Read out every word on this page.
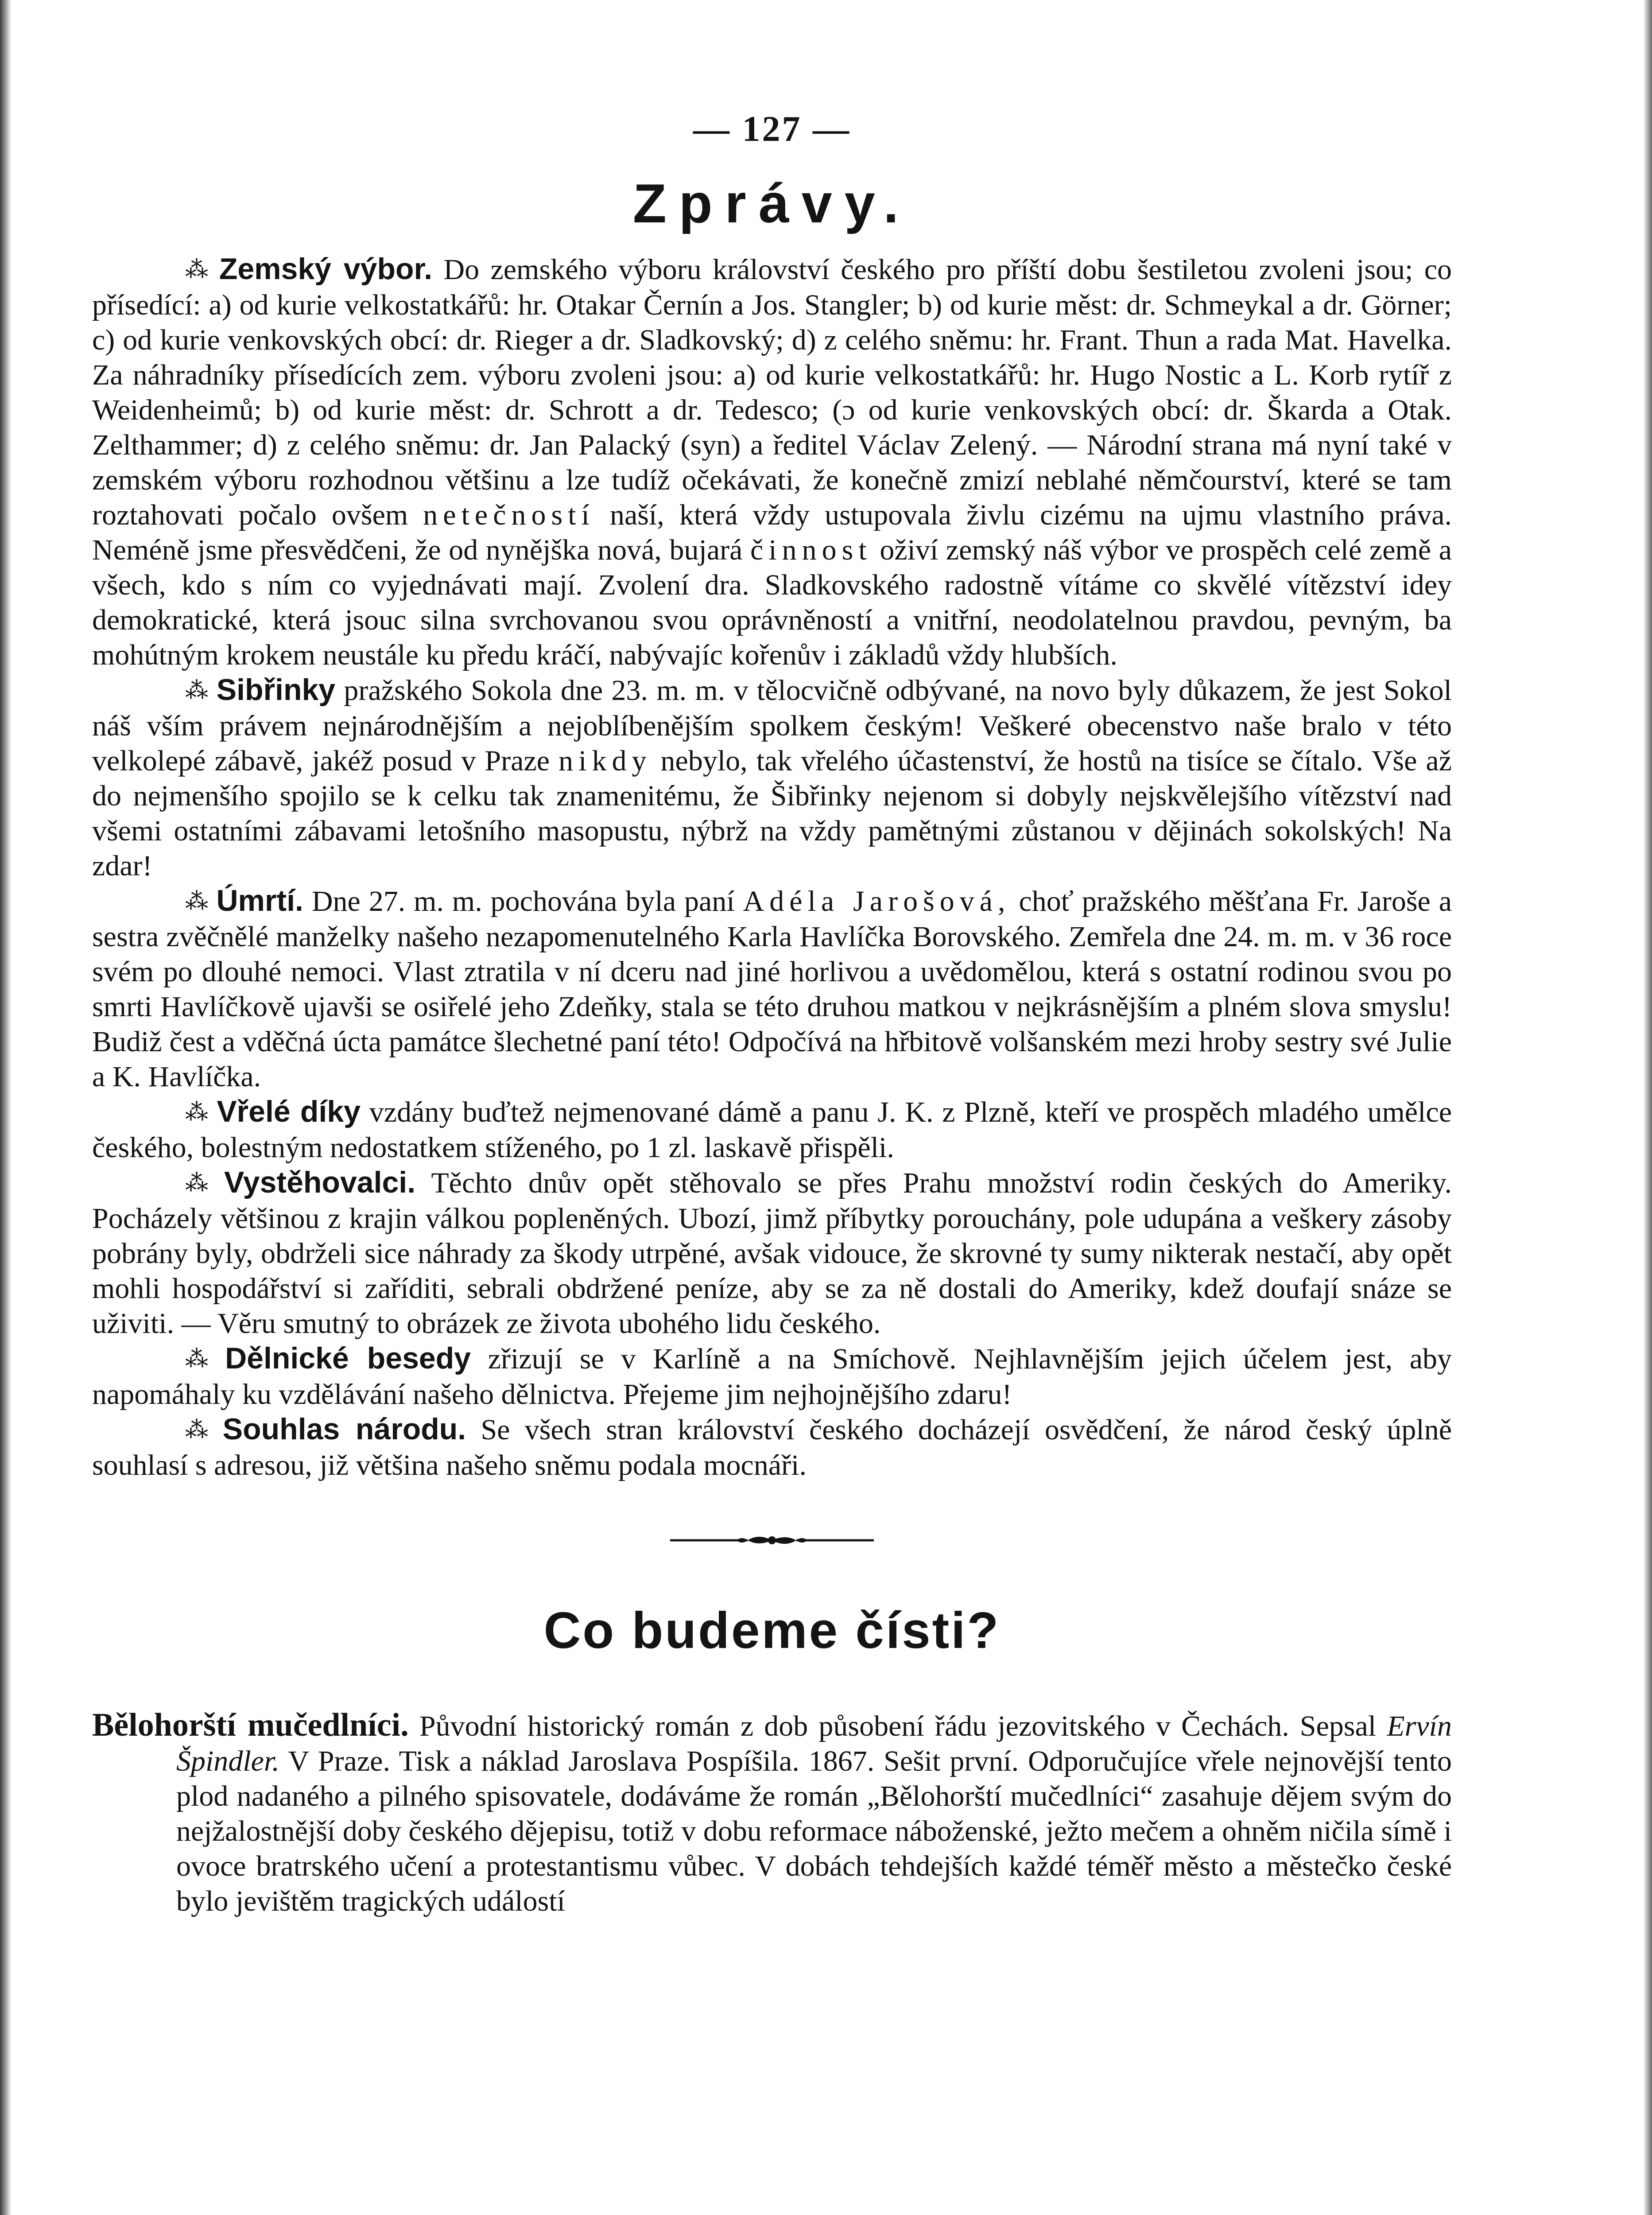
— 127 —
Zprávy.

⁂ Zemský výbor. Do zemského výboru království českého pro příští dobu šestiletou zvoleni jsou; co přísedící: a) od kurie velkostatkářů: hr. Otakar Černín a Jos. Stangler; b) od kurie měst: dr. Schmeykal a dr. Görner; c) od kurie venkovských obcí: dr. Rieger a dr. Sladkovský; d) z celého sněmu: hr. Frant. Thun a rada Mat. Havelka. Za náhradníky přísedících zem. výboru zvoleni jsou: a) od kurie velkostatkářů: hr. Hugo Nostic a L. Korb rytíř z Weidenheimů; b) od kurie měst: dr. Schrott a dr. Tedesco; (ɔ od kurie venkovských obcí: dr. Škarda a Otak. Zelthammer; d) z celého sněmu: dr. Jan Palacký (syn) a ředitel Václav Zelený. — Národní strana má nyní také v zemském výboru rozhodnou většinu a lze tudíž očekávati, že konečně zmizí neblahé němčourství, které se tam roztahovati počalo ovšem netečností naší, která vždy ustupovala živlu cizému na ujmu vlastního práva. Neméně jsme přesvědčeni, že od nynějška nová, bujará činnost oživí zemský náš výbor ve prospěch celé země a všech, kdo s ním co vyjednávati mají. Zvolení dra. Sladkovského radostně vítáme co skvělé vítězství idey demokratické, která jsouc silna svrchovanou svou oprávněností a vnitřní, neodolatelnou pravdou, pevným, ba mohútným krokem neustále ku předu kráčí, nabývajíc kořenův i základů vždy hlubších.

⁂ Sibřinky pražského Sokola dne 23. m. m. v tělocvičně odbývané, na novo byly důkazem, že jest Sokol náš vším právem nejnárodnějším a nejoblíbenějším spolkem českým! Veškeré obecenstvo naše bralo v této velkolepé zábavě, jakéž posud v Praze nikdy nebylo, tak vřelého účastenství, že hostů na tisíce se čítalo. Vše až do nejmenšího spojilo se k celku tak znamenitému, že Šibřinky nejenom si dobyly nejskvělejšího vítězství nad všemi ostatními zábavami letošního masopustu, nýbrž na vždy pamětnými zůstanou v dějinách sokolských! Na zdar!

⁂ Úmrtí. Dne 27. m. m. pochována byla paní Adéla Jarošová, choť pražského měšťana Fr. Jaroše a sestra zvěčnělé manželky našeho nezapomenutelného Karla Havlíčka Borovského. Zemřela dne 24. m. m. v 36 roce svém po dlouhé nemoci. Vlast ztratila v ní dceru nad jiné horlivou a uvědomělou, která s ostatní rodinou svou po smrti Havlíčkově ujavši se osiřelé jeho Zdeňky, stala se této druhou matkou v nejkrásnějším a plném slova smyslu! Budiž čest a vděčná úcta památce šlechetné paní této! Odpočívá na hřbitově volšanském mezi hroby sestry své Julie a K. Havlíčka.

⁂ Vřelé díky vzdány buďtež nejmenované dámě a panu J. K. z Plzně, kteří ve prospěch mladého umělce českého, bolestným nedostatkem stíženého, po 1 zl. laskavě přispěli.

⁂ Vystěhovalci. Těchto dnův opět stěhovalo se přes Prahu množství rodin českých do Ameriky. Pocházely většinou z krajin válkou popleněných. Ubozí, jimž příbytky porouchány, pole udupána a veškery zásoby pobrány byly, obdrželi sice náhrady za škody utrpěné, avšak vidouce, že skrovné ty sumy nikterak nestačí, aby opět mohli hospodářství si zaříditi, sebrali obdržené peníze, aby se za ně dostali do Ameriky, kdež doufají snáze se uživiti. — Věru smutný to obrázek ze života ubohého lidu českého.

⁂ Dělnické besedy zřizují se v Karlíně a na Smíchově. Nejhlavnějším jejich účelem jest, aby napomáhaly ku vzdělávání našeho dělnictva. Přejeme jim nejhojnějšího zdaru!

⁂ Souhlas národu. Se všech stran království českého docházejí osvědčení, že národ český úplně souhlasí s adresou, již většina našeho sněmu podala mocnáři.

Co budeme čísti?

Bělohorští mučedlníci. Původní historický román z dob působení řádu jezovitského v Čechách. Sepsal Ervín Špindler. V Praze. Tisk a náklad Jaroslava Pospíšila. 1867. Sešit první. Odporučujíce vřele nejnovější tento plod nadaného a pilného spisovatele, dodáváme že román „Bělohorští mučedlníci“ zasahuje dějem svým do nejžalostnější doby českého dějepisu, totiž v dobu reformace náboženské, ježto mečem a ohněm ničila símě i ovoce bratrského učení a protestantismu vůbec. V dobách tehdejších každé téměř město a městečko české bylo jevištěm tragických událostí
